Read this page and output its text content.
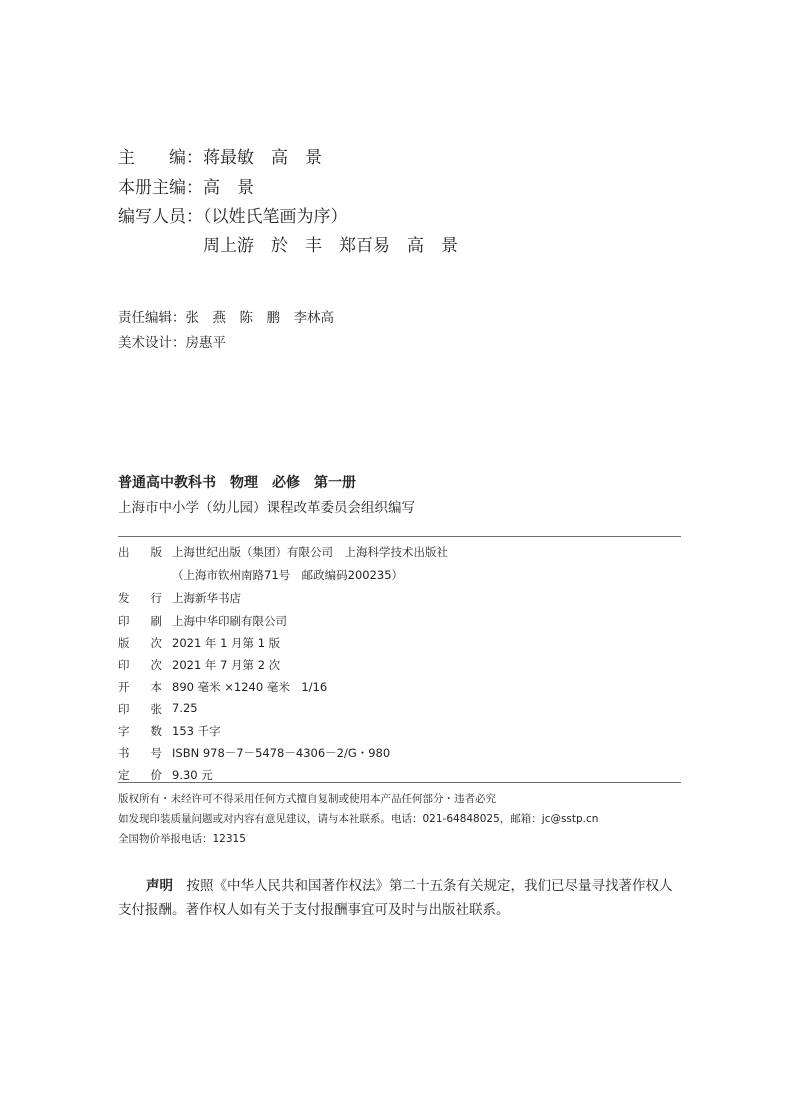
主　　编：蒋最敏　高　景
本册主编：高　景
编写人员：（以姓氏笔画为序）
周上游　於　丰　郑百易　高　景
责任编辑：张　燕　陈　鹏　李林高
美术设计：房惠平
普通高中教科书　物理　必修　第一册
上海市中小学（幼儿园）课程改革委员会组织编写
出 版 上海世纪出版（集团）有限公司　上海科学技术出版社
（上海市钦州南路71号　邮政编码200235）
发 行 上海新华书店
印 刷 上海中华印刷有限公司
版 次 2021 年 1 月第 1 版
印 次 2021 年 7 月第 2 次
开 本 890 毫米 ×1240 毫米　1/16
印 张 7.25
字 数 153 千字
书 号 ISBN 978－7－5478－4306－2/G・980
定 价 9.30 元
版权所有・未经许可不得采用任何方式擅自复制或使用本产品任何部分・违者必究
如发现印装质量问题或对内容有意见建议，请与本社联系。电话：021-64848025，邮箱：jc@sstp.cn
全国物价举报电话：12315
声明　 按照《中华人民共和国著作权法》第二十五条有关规定，我们已尽量寻找著作权人支付报酬。著作权人如有关于支付报酬事宜可及时与出版社联系。
